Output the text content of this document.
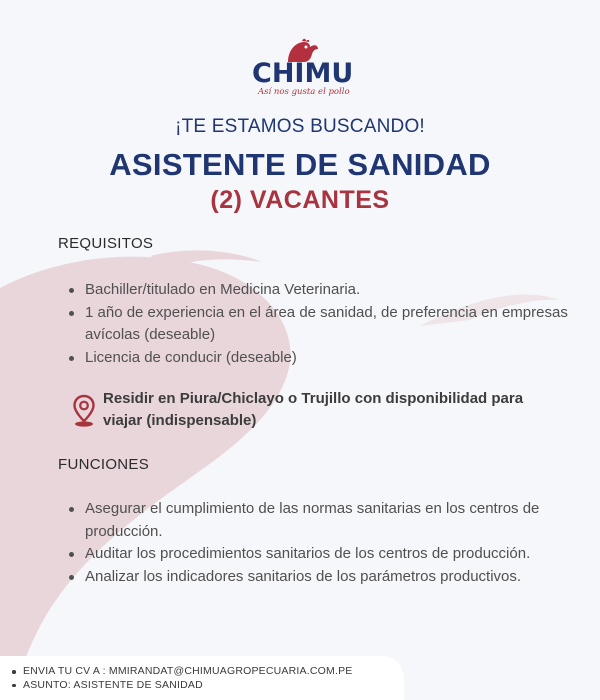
CHIMU
Así nos gusta el pollo
¡TE ESTAMOS BUSCANDO!
ASISTENTE DE SANIDAD
(2) VACANTES
REQUISITOS
Bachiller/titulado en Medicina Veterinaria.
1 año de experiencia en el área de sanidad, de preferencia en empresas avícolas (deseable)
Licencia de conducir (deseable)
Residir en Piura/Chiclayo o Trujillo con disponibilidad para viajar (indispensable)
FUNCIONES
Asegurar el cumplimiento de las normas sanitarias en los centros de producción.
Auditar los procedimientos sanitarios de los centros de producción.
Analizar los indicadores sanitarios de los parámetros productivos.
ENVIA TU CV A : MMIRANDAT@CHIMUAGROPECUARIA.COM.PE
ASUNTO: ASISTENTE DE SANIDAD
